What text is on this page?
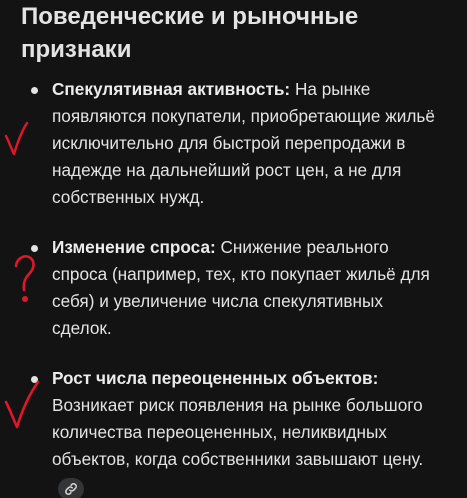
Поведенческие и рыночные признаки
Спекулятивная активность: На рынке появляются покупатели, приобретающие жильё исключительно для быстрой перепродажи в надежде на дальнейший рост цен, а не для собственных нужд.
Изменение спроса: Снижение реального спроса (например, тех, кто покупает жильё для себя) и увеличение числа спекулятивных сделок.
Рост числа переоцененных объектов: Возникает риск появления на рынке большого количества переоцененных, неликвидных объектов, когда собственники завышают цену.
